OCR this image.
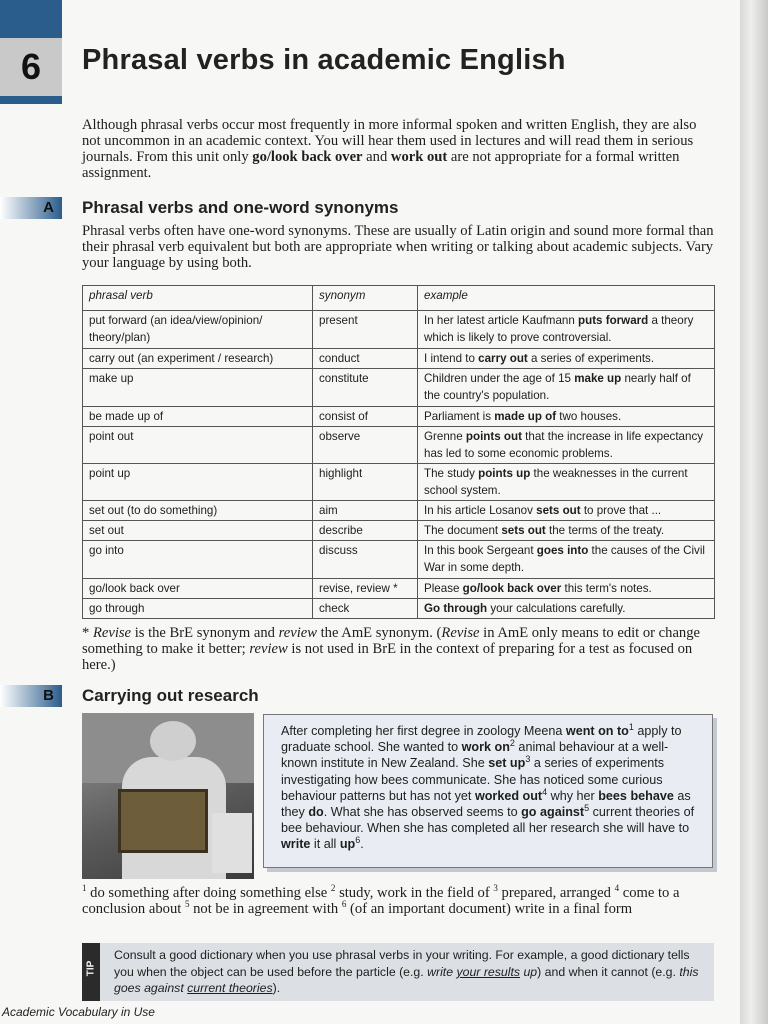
6	Phrasal verbs in academic English
Although phrasal verbs occur most frequently in more informal spoken and written English, they are also not uncommon in an academic context. You will hear them used in lectures and will read them in serious journals. From this unit only go/look back over and work out are not appropriate for a formal written assignment.
A Phrasal verbs and one-word synonyms
Phrasal verbs often have one-word synonyms. These are usually of Latin origin and sound more formal than their phrasal verb equivalent but both are appropriate when writing or talking about academic subjects. Vary your language by using both.
phrasal verb	synonym	example
put forward (an idea/view/opinion/ theory/plan)	present	In her latest article Kaufmann puts forward a theory which is likely to prove controversial.
carry out (an experiment / research)	conduct	I intend to carry out a series of experiments.
make up	constitute	Children under the age of 15 make up nearly half of the country's population.
be made up of	consist of	Parliament is made up of two houses.
point out	observe	Grenne points out that the increase in life expectancy has led to some economic problems.
point up	highlight	The study points up the weaknesses in the current school system.
set out (to do something)	aim	In his article Losanov sets out to prove that ...
set out	describe	The document sets out the terms of the treaty.
go into	discuss	In this book Sergeant goes into the causes of the Civil War in some depth.
go/look back over	revise, review *	Please go/look back over this term's notes.
go through	check	Go through your calculations carefully.
* Revise is the BrE synonym and review the AmE synonym. (Revise in AmE only means to edit or change something to make it better; review is not used in BrE in the context of preparing for a test as focused on here.)
B Carrying out research
After completing her first degree in zoology Meena went on $to^1$ apply to graduate school. She wanted to work $on^2$ animal behaviour at a well-known institute in New Zealand. She set $up^3$ a series of experiments investigating how bees communicate. She has noticed some curious behaviour patterns but has not yet worked out$^4$ why her bees behave as they do. What she has observed seems to go against$^5$ current theories of bee behaviour. When she has completed all her research she will have to write it all $up^6$.
$^1$ do something after doing something else $^2$ study, work in the field of $^3$ prepared, arranged $^4$ come to a conclusion about $^5$ not be in agreement with $^6$ (of an important document) write in a final form
TIP
Consult a good dictionary when you use phrasal verbs in your writing. For example, a good dictionary tells you when the object can be used before the particle (e.g. write your results up) and when it cannot (e.g. this goes against current theories).
Academic Vocabulary in Use
